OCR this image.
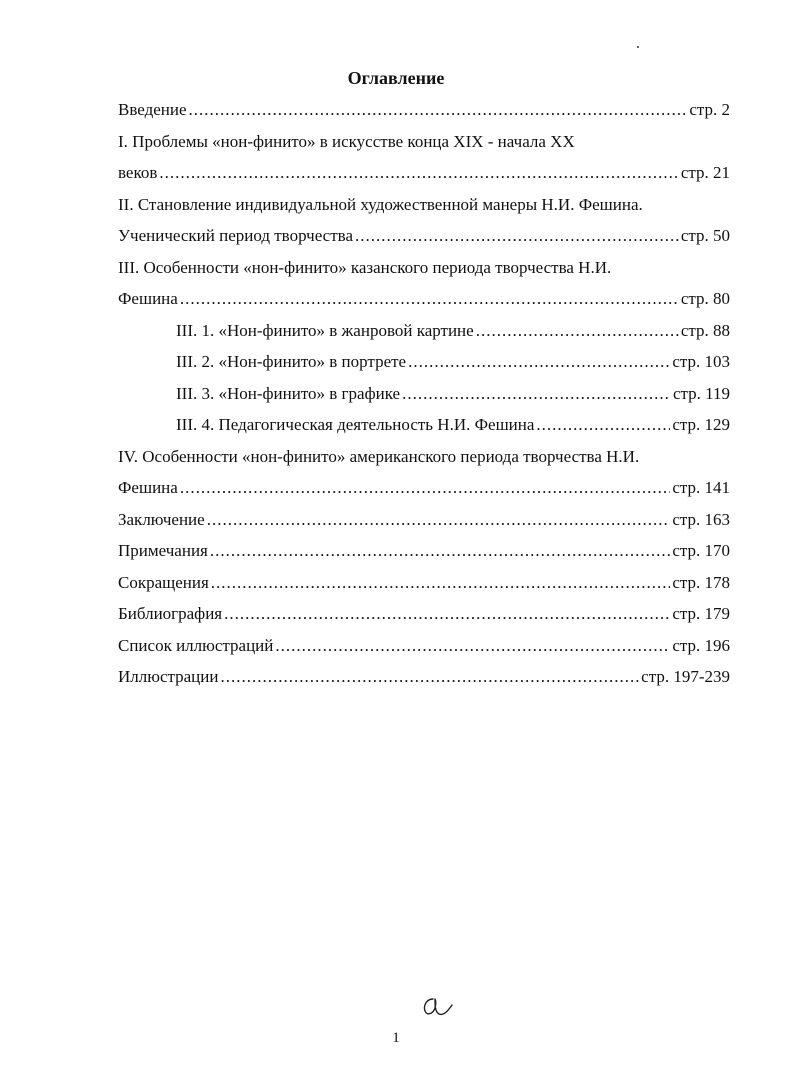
Оглавление
Введение .....	стр. 2
I. Проблемы «нон-финито» в искусстве конца XIX - начала XX
веков .....	стр. 21
II. Становление индивидуальной художественной манеры Н.И. Фешина.
Ученический период творчества .....	стр. 50
III. Особенности «нон-финито» казанского периода творчества Н.И.
Фешина .....	стр. 80
III. 1. «Нон-финито» в жанровой картине .....	стр. 88
III. 2. «Нон-финито» в портрете .....	стр. 103
III. 3. «Нон-финито» в графике .....	стр. 119
III. 4. Педагогическая деятельность Н.И. Фешина .....	стр. 129
IV. Особенности «нон-финито» американского периода творчества Н.И.
Фешина .....	стр. 141
Заключение .....	стр. 163
Примечания .....	стр. 170
Сокращения .....	стр. 178
Библиография .....	стр. 179
Список иллюстраций .....	стр. 196
Иллюстрации .....	стр. 197-239
1
